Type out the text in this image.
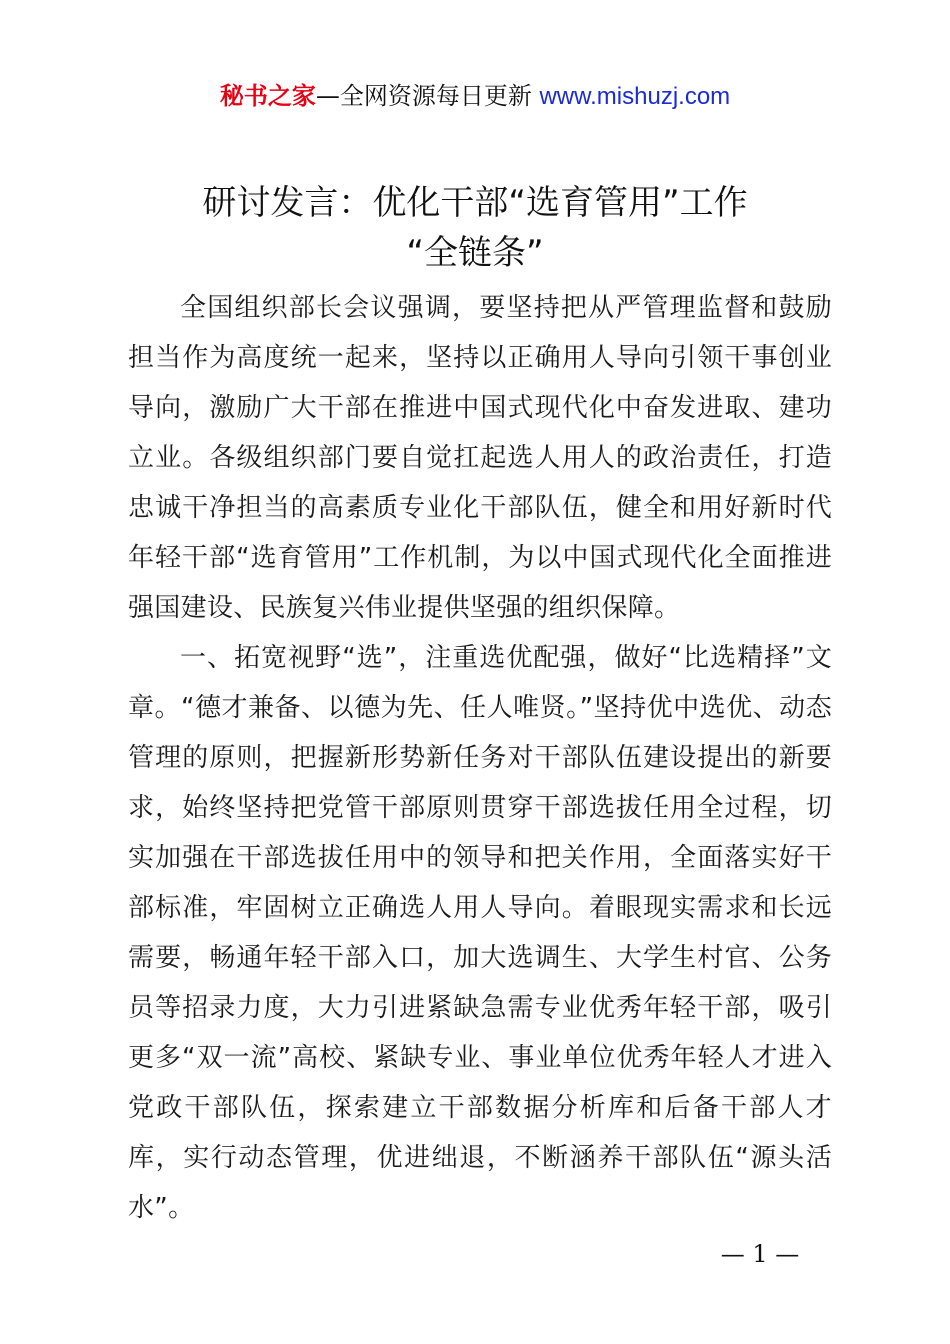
秘书之家—全网资源每日更新 www.mishuzj.com
研讨发言：优化干部“选育管用”工作
“全链条”

全国组织部长会议强调，要坚持把从严管理监督和鼓励担当作为高度统一起来，坚持以正确用人导向引领干事创业导向，激励广大干部在推进中国式现代化中奋发进取、建功立业。各级组织部门要自觉扛起选人用人的政治责任，打造忠诚干净担当的高素质专业化干部队伍，健全和用好新时代年轻干部“选育管用”工作机制，为以中国式现代化全面推进强国建设、民族复兴伟业提供坚强的组织保障。

一、拓宽视野“选”，注重选优配强，做好“比选精择”文章。“德才兼备、以德为先、任人唯贤。”坚持优中选优、动态管理的原则，把握新形势新任务对干部队伍建设提出的新要求，始终坚持把党管干部原则贯穿干部选拔任用全过程，切实加强在干部选拔任用中的领导和把关作用，全面落实好干部标准，牢固树立正确选人用人导向。着眼现实需求和长远需要，畅通年轻干部入口，加大选调生、大学生村官、公务员等招录力度，大力引进紧缺急需专业优秀年轻干部，吸引更多“双一流”高校、紧缺专业、事业单位优秀年轻人才进入党政干部队伍，探索建立干部数据分析库和后备干部人才库，实行动态管理，优进绌退，不断涵养干部队伍“源头活水”。

— 1 —
